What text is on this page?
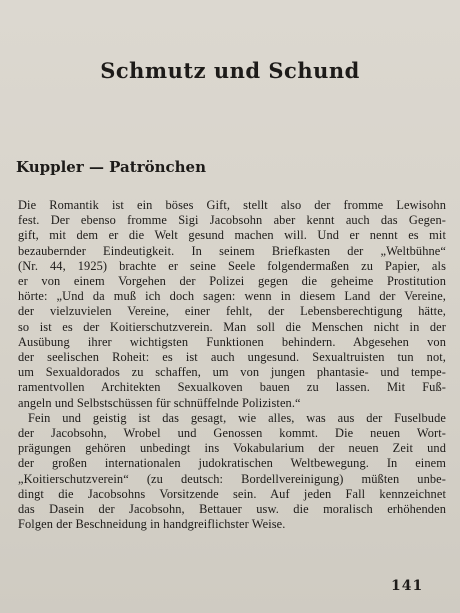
Schmutz und Schund
Kuppler — Patrönchen
Die Romantik ist ein böses Gift, stellt also der fromme Lewisohn
fest. Der ebenso fromme Sigi Jacobsohn aber kennt auch das Gegen-
gift, mit dem er die Welt gesund machen will. Und er nennt es mit
bezaubernder Eindeutigkeit. In seinem Briefkasten der „Weltbühne“
(Nr. 44, 1925) brachte er seine Seele folgendermaßen zu Papier, als
er von einem Vorgehen der Polizei gegen die geheime Prostitution
hörte: „Und da muß ich doch sagen: wenn in diesem Land der Vereine,
der vielzuvielen Vereine, einer fehlt, der Lebensberechtigung hätte,
so ist es der Koitierschutzverein. Man soll die Menschen nicht in der
Ausübung ihrer wichtigsten Funktionen behindern. Abgesehen von
der seelischen Roheit: es ist auch ungesund. Sexualtruisten tun not,
um Sexualdorados zu schaffen, um von jungen phantasie- und tempe-
ramentvollen Architekten Sexualkoven bauen zu lassen. Mit Fuß-
angeln und Selbstschüssen für schnüffelnde Polizisten.“
Fein und geistig ist das gesagt, wie alles, was aus der Fuselbude
der Jacobsohn, Wrobel und Genossen kommt. Die neuen Wort-
prägungen gehören unbedingt ins Vokabularium der neuen Zeit und
der großen internationalen judokratischen Weltbewegung. In einem
„Koitierschutzverein“ (zu deutsch: Bordellvereinigung) müßten unbe-
dingt die Jacobsohns Vorsitzende sein. Auf jeden Fall kennzeichnet
das Dasein der Jacobsohn, Bettauer usw. die moralisch erhöhenden
Folgen der Beschneidung in handgreiflichster Weise.
141
